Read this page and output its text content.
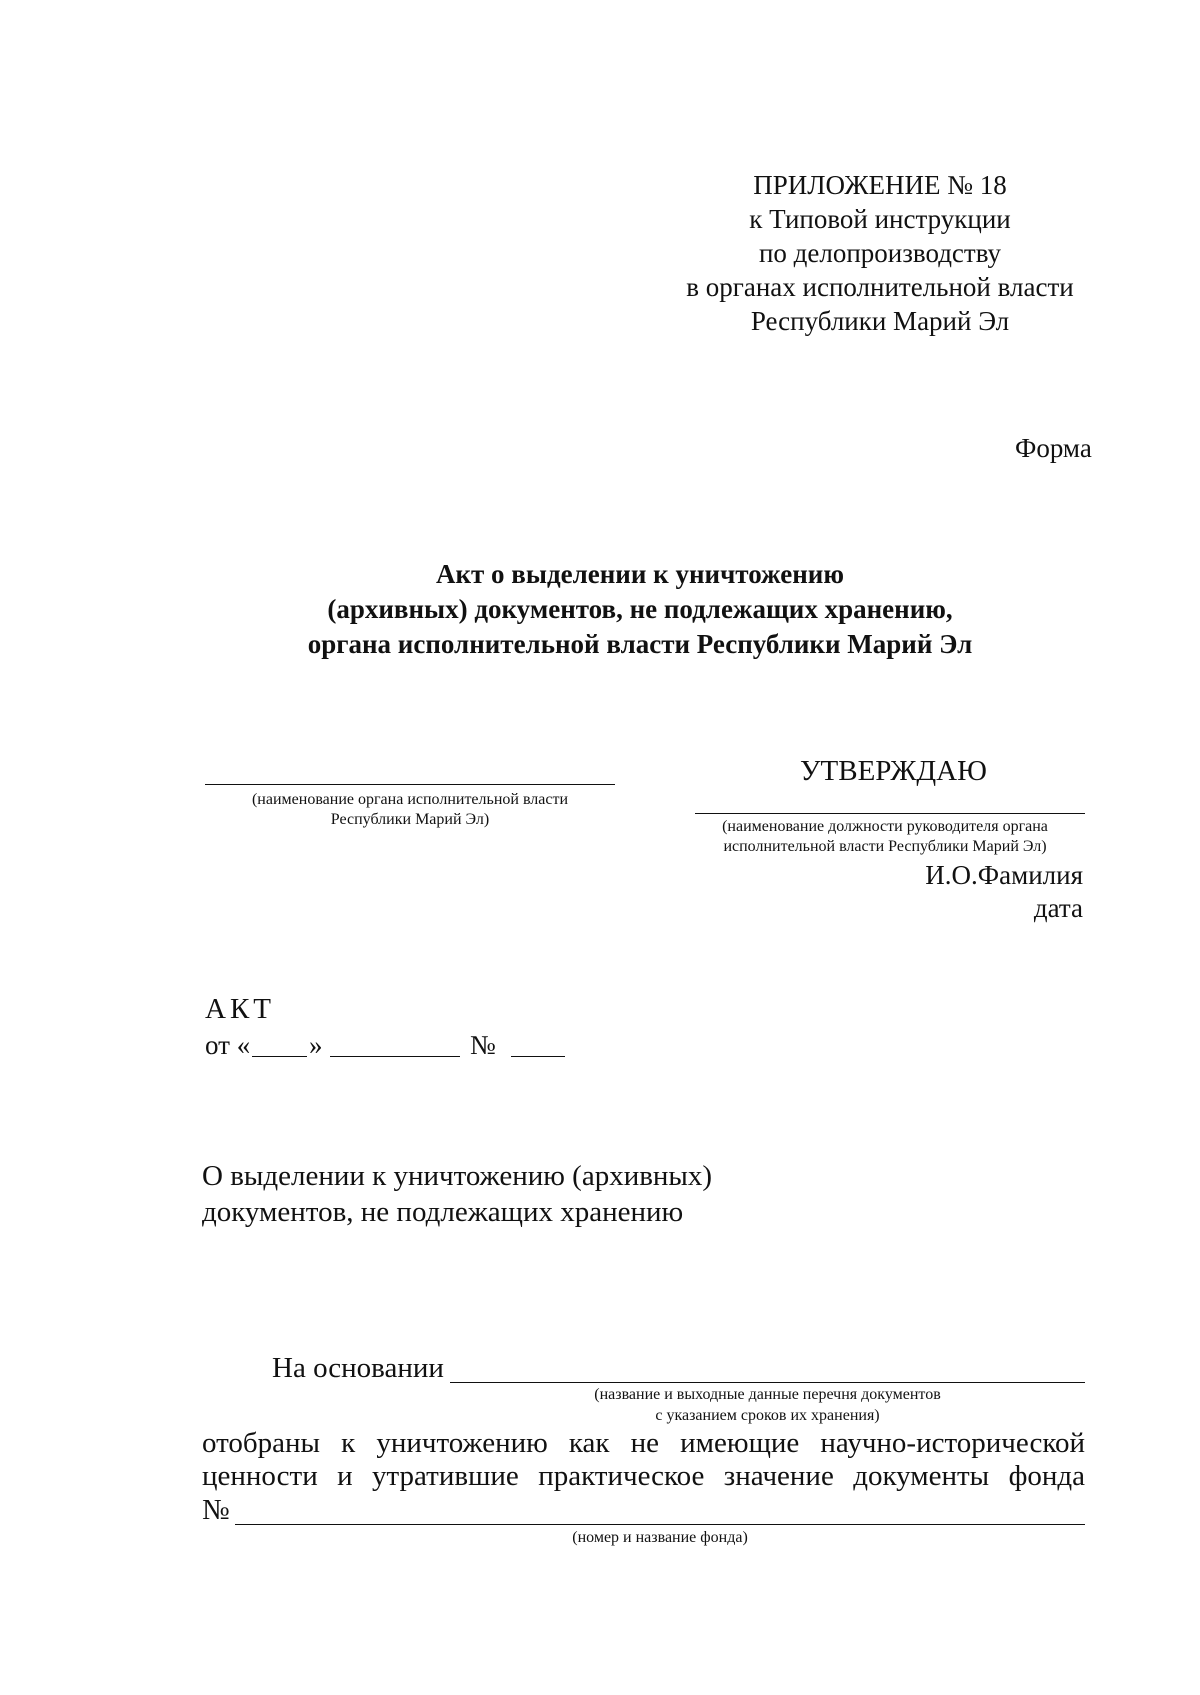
ПРИЛОЖЕНИЕ № 18
к Типовой инструкции
по делопроизводству
в органах исполнительной власти
Республики Марий Эл
Форма
Акт о выделении к уничтожению
(архивных) документов, не подлежащих хранению,
органа исполнительной власти Республики Марий Эл
(наименование органа исполнительной власти
Республики Марий Эл)
УТВЕРЖДАЮ
(наименование должности руководителя органа
исполнительной власти Республики Марий Эл)
И.О.Фамилия
дата
АКТ
от « »	№
О выделении к уничтожению (архивных)
документов, не подлежащих хранению
На основании
(название и выходные данные перечня документов
с указанием сроков их хранения)
отобраны к уничтожению как не имеющие научно-исторической
ценности и утратившие практическое значение документы фонда
№
(номер и название фонда)
